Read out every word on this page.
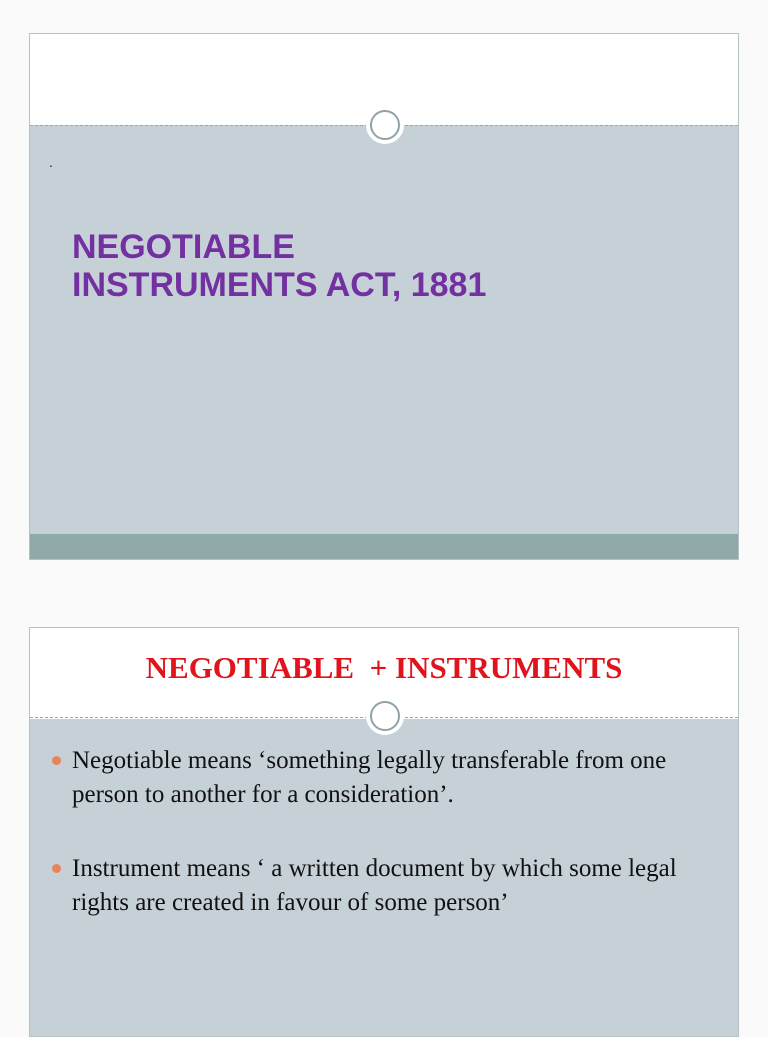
.
NEGOTIABLE
INSTRUMENTS ACT, 1881
NEGOTIABLE  + INSTRUMENTS
Negotiable means ‘something legally transferable from one person to another for a consideration’.
Instrument means ‘ a written document by which some legal rights are created in favour of some person’
